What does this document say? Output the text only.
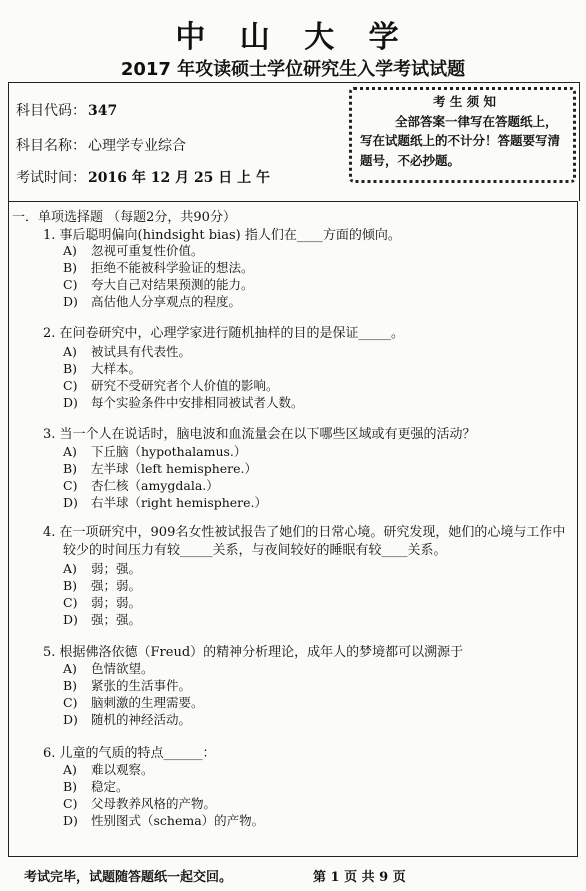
中 山 大 学
2017 年攻读硕士学位研究生入学考试试题
科目代码： 347
科目名称： 心理学专业综合
考试时间： 2016 年 12 月 25 日 上 午
考 生 须 知
全部答案一律写在答题纸上，写在试题纸上的不计分！答题要写清题号，不必抄题。
一．单项选择题 （每题2分，共90分）
1. 事后聪明偏向(hindsight bias) 指人们在____方面的倾向。
A) 忽视可重复性价值。
B) 拒绝不能被科学验证的想法。
C) 夸大自己对结果预测的能力。
D) 高估他人分享观点的程度。
2. 在问卷研究中，心理学家进行随机抽样的目的是保证_____。
A) 被试具有代表性。
B) 大样本。
C) 研究不受研究者个人价值的影响。
D) 每个实验条件中安排相同被试者人数。
3. 当一个人在说话时，脑电波和血流量会在以下哪些区域或有更强的活动？
A) 下丘脑（hypothalamus.）
B) 左半球（left hemisphere.）
C) 杏仁核（amygdala.）
D) 右半球（right hemisphere.）
4. 在一项研究中，909名女性被试报告了她们的日常心境。研究发现，她们的心境与工作中
较少的时间压力有较_____关系，与夜间较好的睡眠有较____关系。
A) 弱；强。
B) 强；弱。
C) 弱；弱。
D) 强；强。
5. 根据佛洛依德（Freud）的精神分析理论，成年人的梦境都可以溯源于
A) 色情欲望。
B) 紧张的生活事件。
C) 脑刺激的生理需要。
D) 随机的神经活动。
6. 儿童的气质的特点______：
A) 难以观察。
B) 稳定。
C) 父母教养风格的产物。
D) 性别图式（schema）的产物。
考试完毕，试题随答题纸一起交回。	第 1 页 共 9 页
